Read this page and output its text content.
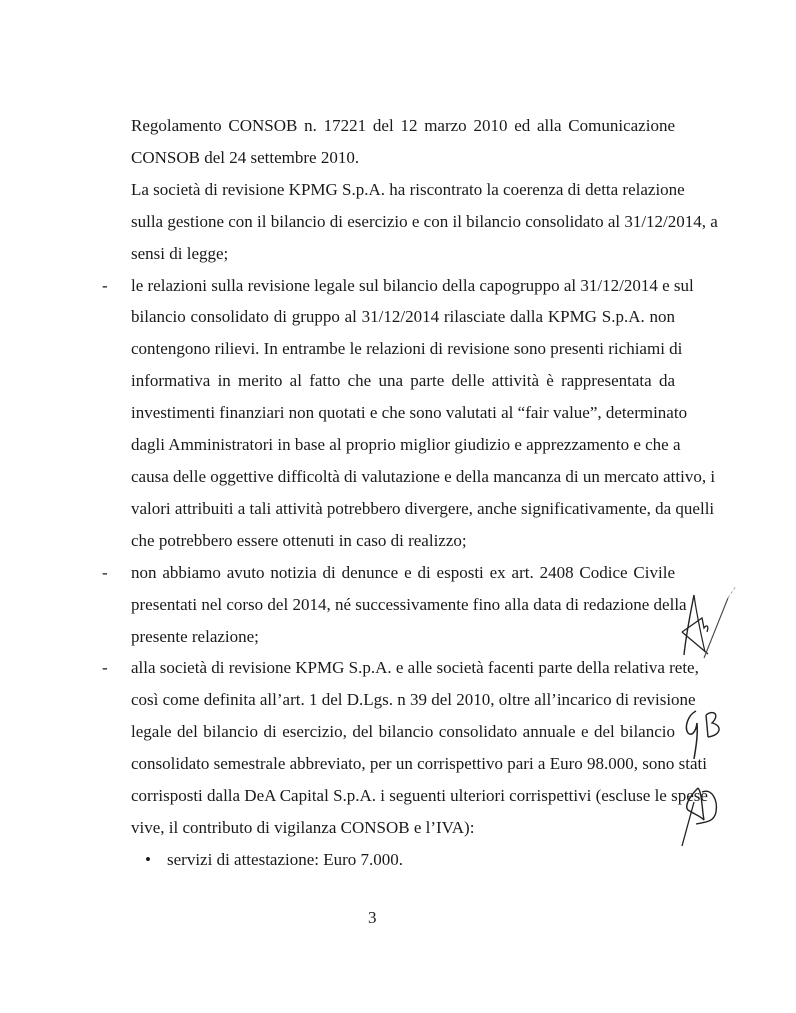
Regolamento CONSOB n. 17221 del 12 marzo 2010 ed alla Comunicazione
CONSOB del 24 settembre 2010.
La società di revisione KPMG S.p.A. ha riscontrato la coerenza di detta relazione
sulla gestione con il bilancio di esercizio e con il bilancio consolidato al 31/12/2014, a
sensi di legge;
- le relazioni sulla revisione legale sul bilancio della capogruppo al 31/12/2014 e sul
bilancio consolidato di gruppo al 31/12/2014 rilasciate dalla KPMG S.p.A. non
contengono rilievi. In entrambe le relazioni di revisione sono presenti richiami di
informativa in merito al fatto che una parte delle attività è rappresentata da
investimenti finanziari non quotati e che sono valutati al “fair value”, determinato
dagli Amministratori in base al proprio miglior giudizio e apprezzamento e che a
causa delle oggettive difficoltà di valutazione e della mancanza di un mercato attivo, i
valori attribuiti a tali attività potrebbero divergere, anche significativamente, da quelli
che potrebbero essere ottenuti in caso di realizzo;
- non abbiamo avuto notizia di denunce e di esposti ex art. 2408 Codice Civile
presentati nel corso del 2014, né successivamente fino alla data di redazione della
presente relazione;
- alla società di revisione KPMG S.p.A. e alle società facenti parte della relativa rete,
così come definita all’art. 1 del D.Lgs. n 39 del 2010, oltre all’incarico di revisione
legale del bilancio di esercizio, del bilancio consolidato annuale e del bilancio
consolidato semestrale abbreviato, per un corrispettivo pari a Euro 98.000, sono stati
corrisposti dalla DeA Capital S.p.A. i seguenti ulteriori corrispettivi (escluse le spese
vive, il contributo di vigilanza CONSOB e l’IVA):
• servizi di attestazione: Euro 7.000.
3
